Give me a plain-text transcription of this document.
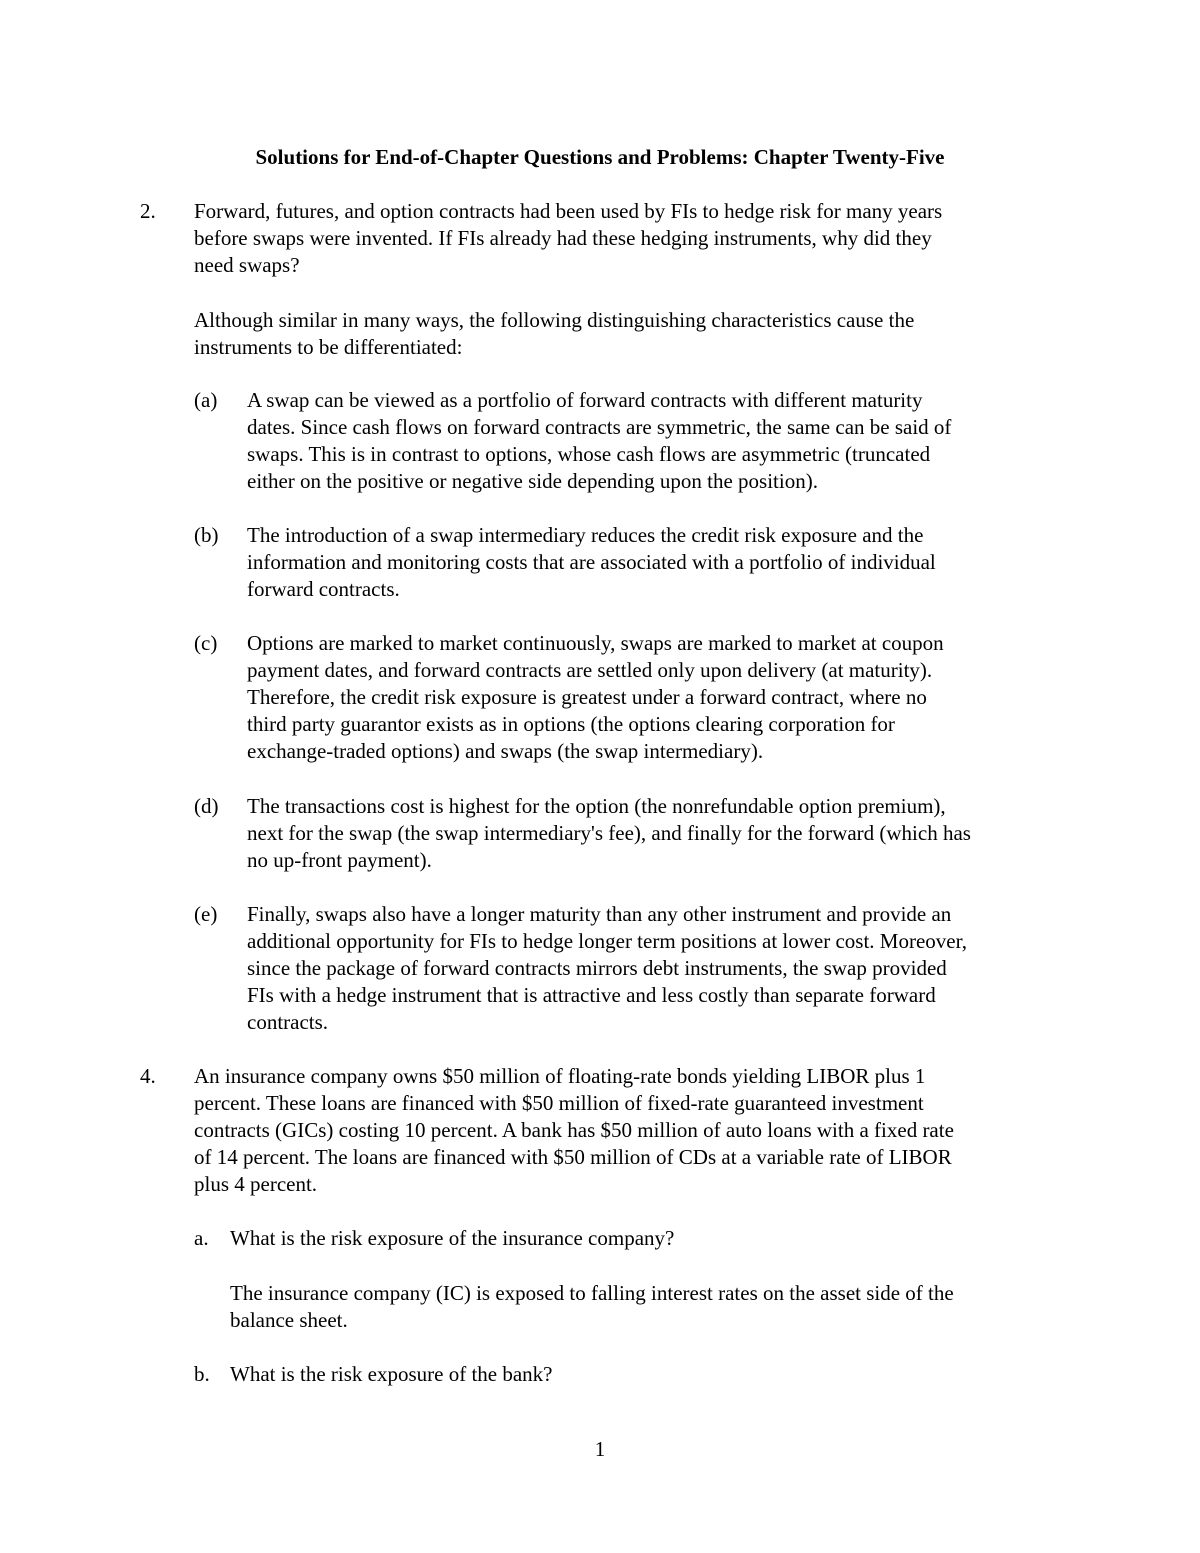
Solutions for End-of-Chapter Questions and Problems: Chapter Twenty-Five
2. Forward, futures, and option contracts had been used by FIs to hedge risk for many years
before swaps were invented. If FIs already had these hedging instruments, why did they
need swaps?
Although similar in many ways, the following distinguishing characteristics cause the
instruments to be differentiated:
(a) A swap can be viewed as a portfolio of forward contracts with different maturity
dates. Since cash flows on forward contracts are symmetric, the same can be said of
swaps. This is in contrast to options, whose cash flows are asymmetric (truncated
either on the positive or negative side depending upon the position).
(b) The introduction of a swap intermediary reduces the credit risk exposure and the
information and monitoring costs that are associated with a portfolio of individual
forward contracts.
(c) Options are marked to market continuously, swaps are marked to market at coupon
payment dates, and forward contracts are settled only upon delivery (at maturity).
Therefore, the credit risk exposure is greatest under a forward contract, where no
third party guarantor exists as in options (the options clearing corporation for
exchange-traded options) and swaps (the swap intermediary).
(d) The transactions cost is highest for the option (the nonrefundable option premium),
next for the swap (the swap intermediary's fee), and finally for the forward (which has
no up-front payment).
(e) Finally, swaps also have a longer maturity than any other instrument and provide an
additional opportunity for FIs to hedge longer term positions at lower cost. Moreover,
since the package of forward contracts mirrors debt instruments, the swap provided
FIs with a hedge instrument that is attractive and less costly than separate forward
contracts.
4. An insurance company owns $50 million of floating-rate bonds yielding LIBOR plus 1
percent. These loans are financed with $50 million of fixed-rate guaranteed investment
contracts (GICs) costing 10 percent. A bank has $50 million of auto loans with a fixed rate
of 14 percent. The loans are financed with $50 million of CDs at a variable rate of LIBOR
plus 4 percent.
a. What is the risk exposure of the insurance company?
The insurance company (IC) is exposed to falling interest rates on the asset side of the
balance sheet.
b. What is the risk exposure of the bank?
1
